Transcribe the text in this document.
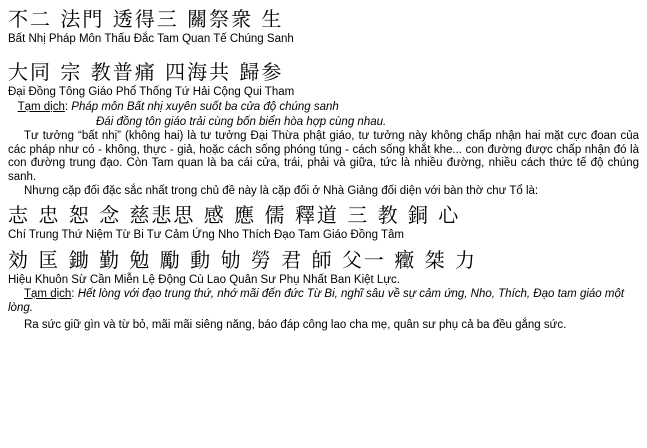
不二 法門 透得三 關祭衆 生

Bất Nhị Pháp Môn Thấu Đắc Tam Quan Tế Chúng Sanh

大同 宗 教普痛 四海共 歸参

Đại Đồng Tông Giáo Phổ Thống Tứ Hải Cộng Qui Tham

Tạm dịch: Pháp môn Bất nhị xuyên suốt ba cửa độ chúng sanh

Đái đồng tôn giáo trải cùng bốn biển hòa hợp cùng nhau.

Tư tưởng “bất nhị” (không hai) là tư tưởng Đại Thừa phật giáo, tư tưởng này không chấp nhận hai mặt cực đoan của các pháp như có - không, thực - giả, hoặc cách sống phóng túng - cách sống khắt khe... con đường được chấp nhận đó là con đường trung đạo. Còn Tam quan là ba cái cửa, trái, phải và giữa, tức là nhiều đường, nhiều cách thức tế độ chúng sanh.

Nhưng cặp đối đặc sắc nhất trong chủ đề này là cặp đối ở Nhà Giảng đối diện với bàn thờ chư Tổ là:

志 忠 恕 念 慈悲思 感 應 儒 釋道 三 教 銅 心

Chí Trung Thứ Niệm Từ Bi Tư Cảm Ứng Nho Thích Đạo Tam Giáo Đồng Tâm

効 匡 鋤 勤 勉 勵 動 劬 勞 君 師 父一 癥 桀 力

Hiệu Khuôn Sừ Cần Miễn Lệ Động Cù Lao Quân Sư Phụ Nhất Ban Kiệt Lực.

Tạm dịch: Hết lòng với đạo trung thứ, nhớ mãi đến đức Từ Bi, nghĩ sâu về sự cảm ứng, Nho, Thích, Đạo tam giáo một lòng.

Ra sức giữ gìn và từ bỏ, mãi mãi siêng năng, báo đáp công lao cha mẹ, quân sư phụ cả ba đều gắng sức.
